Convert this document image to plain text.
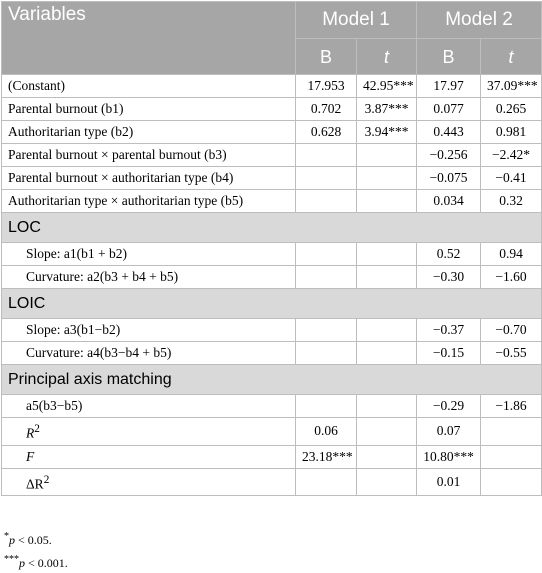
Variables	Model 1		Model 2	
	B	t	B	t
(Constant)	17.953	42.95***	17.97	37.09***
Parental burnout (b1)	0.702	3.87***	0.077	0.265
Authoritarian type (b2)	0.628	3.94***	0.443	0.981
Parental burnout × parental burnout (b3)			−0.256	−2.42*
Parental burnout × authoritarian type (b4)			−0.075	−0.41
Authoritarian type × authoritarian type (b5)			0.034	0.32
LOC				
Slope: a1(b1 + b2)			0.52	0.94
Curvature: a2(b3 + b4 + b5)			−0.30	−1.60
LOIC				
Slope: a3(b1−b2)			−0.37	−0.70
Curvature: a4(b3−b4 + b5)			−0.15	−0.55
Principal axis matching				
a5(b3−b5)			−0.29	−1.86
$R^2$	0.06		0.07	
F	23.18***		10.80***	
$\Delta R^2$			0.01	
*p < 0.05.
***p < 0.001.
